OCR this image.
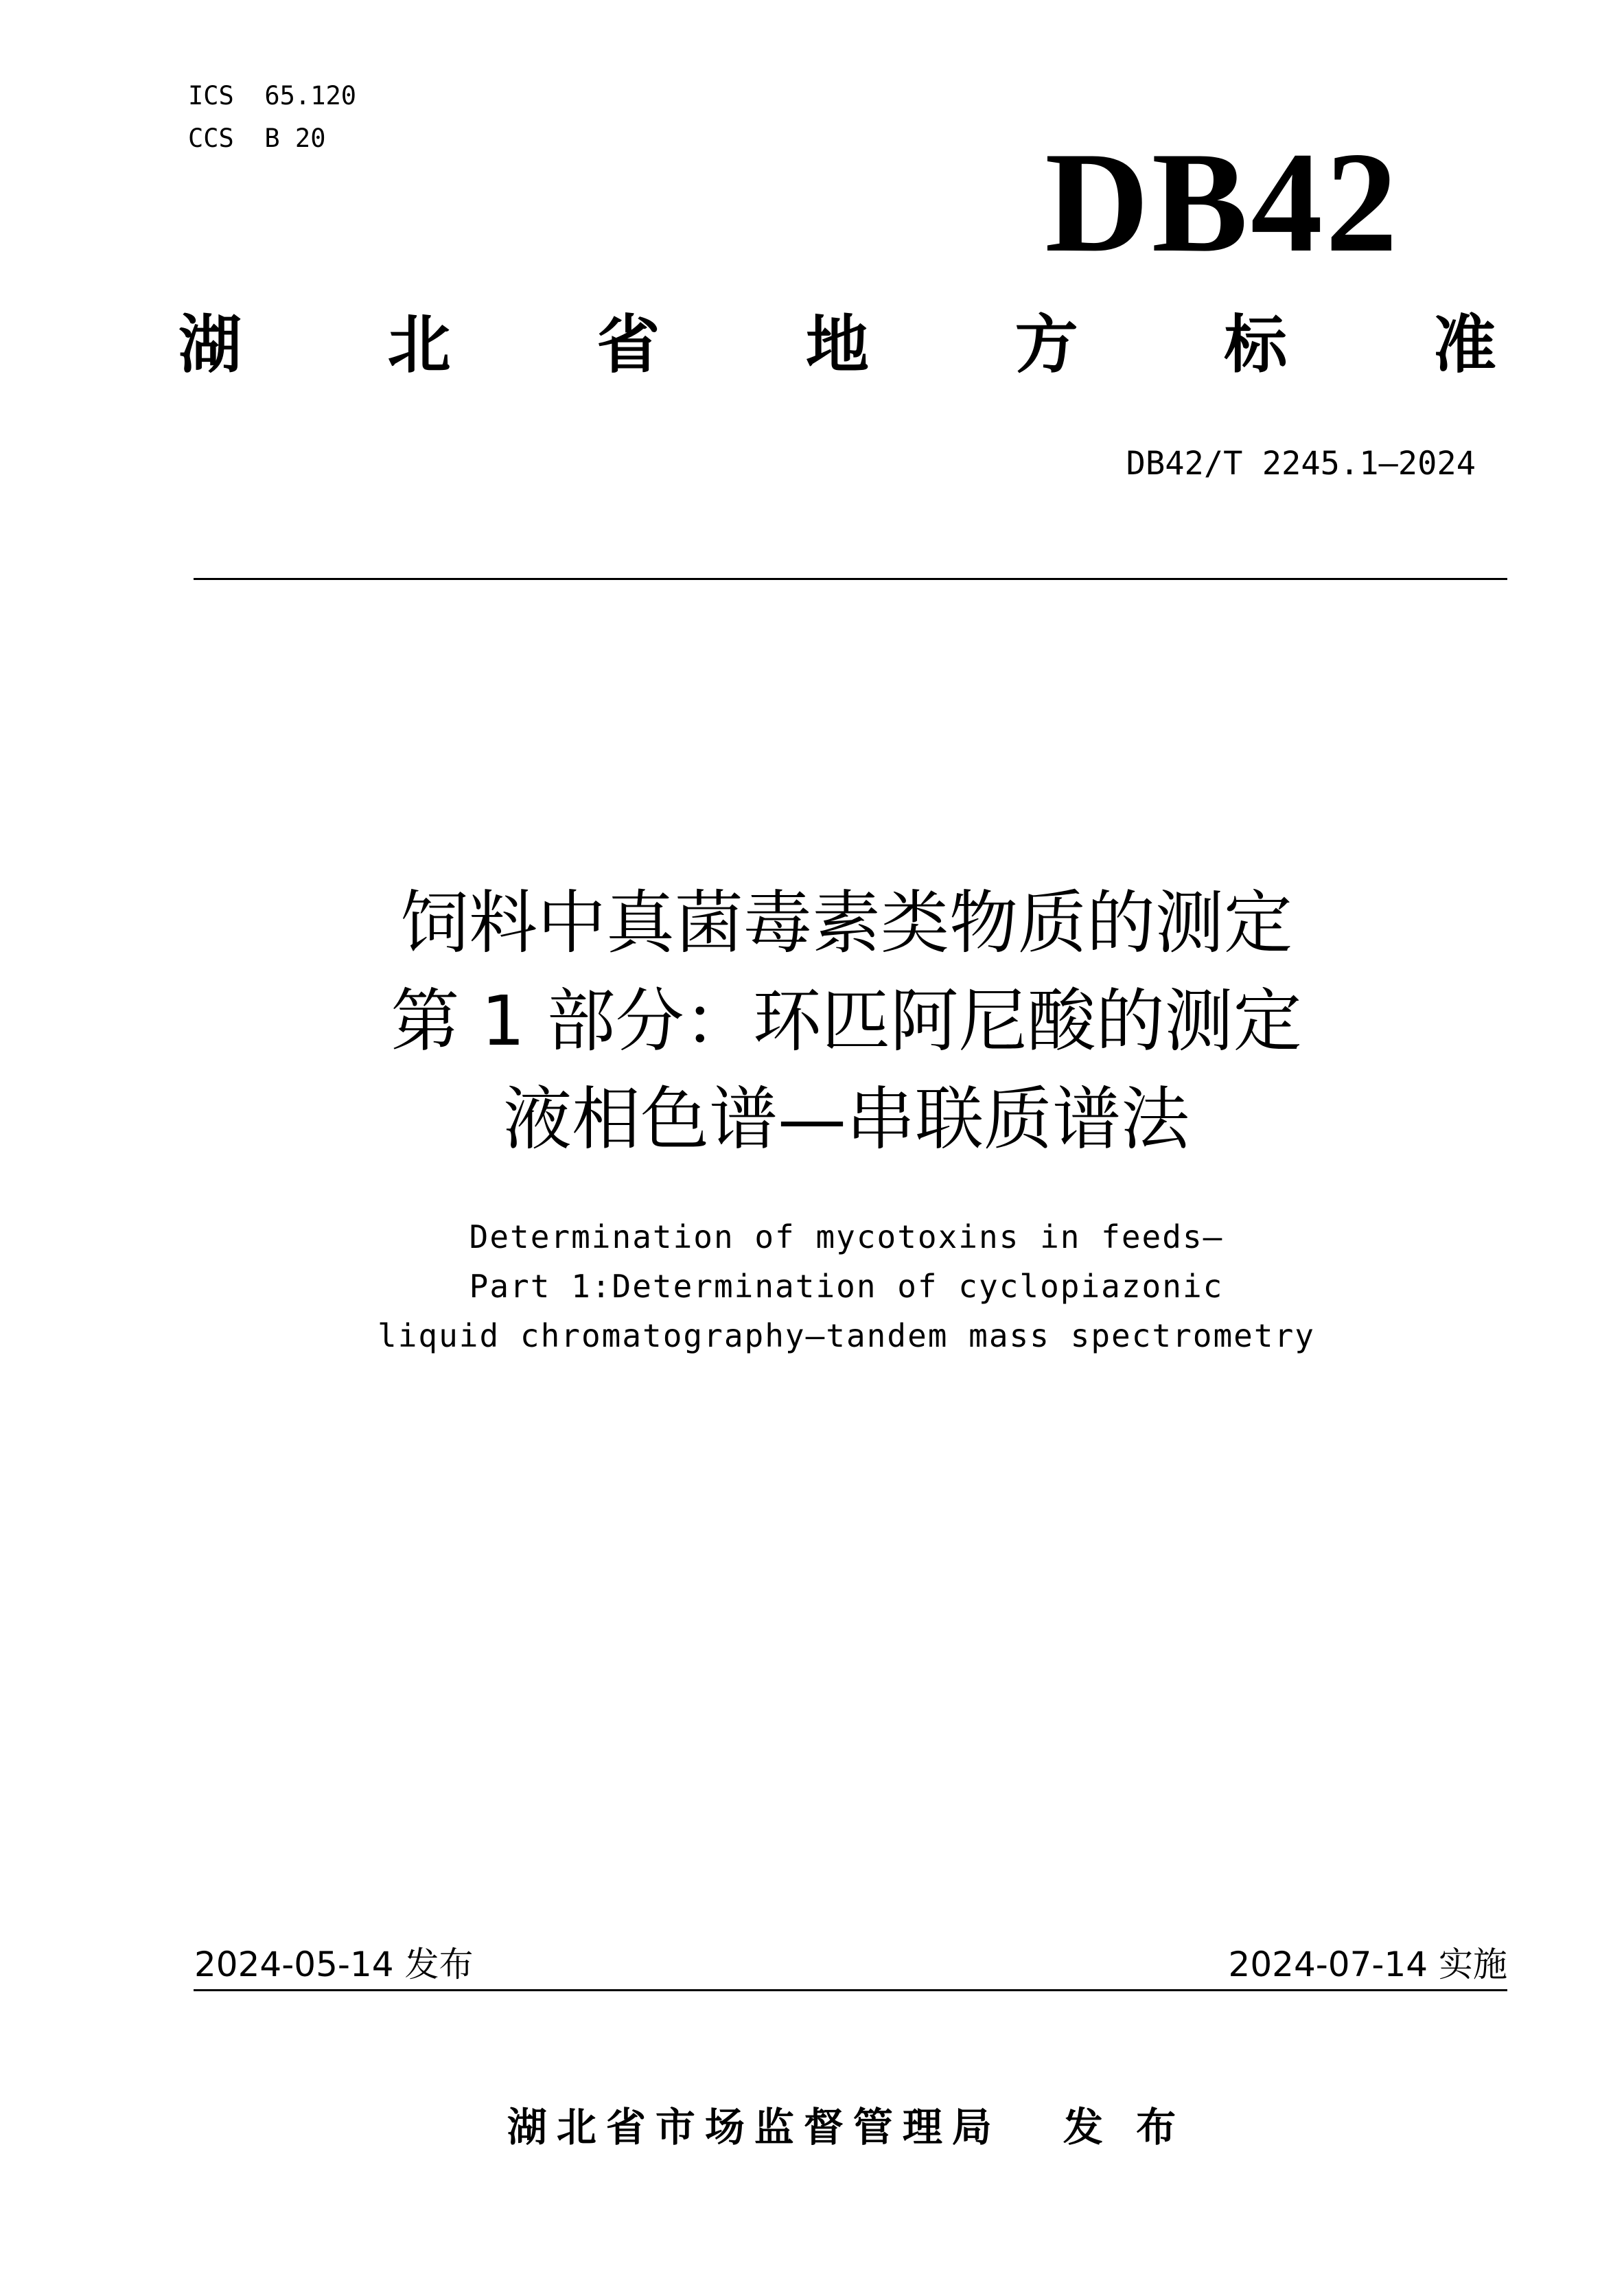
ICS  65.120
CCS  B 20	DB42
湖 北 省 地 方 标 准
DB42/T 2245.1—2024
饲料中真菌毒素类物质的测定
第 1 部分：环匹阿尼酸的测定
液相色谱—串联质谱法
Determination of mycotoxins in feeds—
Part 1:Determination of cyclopiazonic
liquid chromatography—tandem mass spectrometry
2024-05-14 发布	2024-07-14 实施
湖北省市场监督管理局 发 布
